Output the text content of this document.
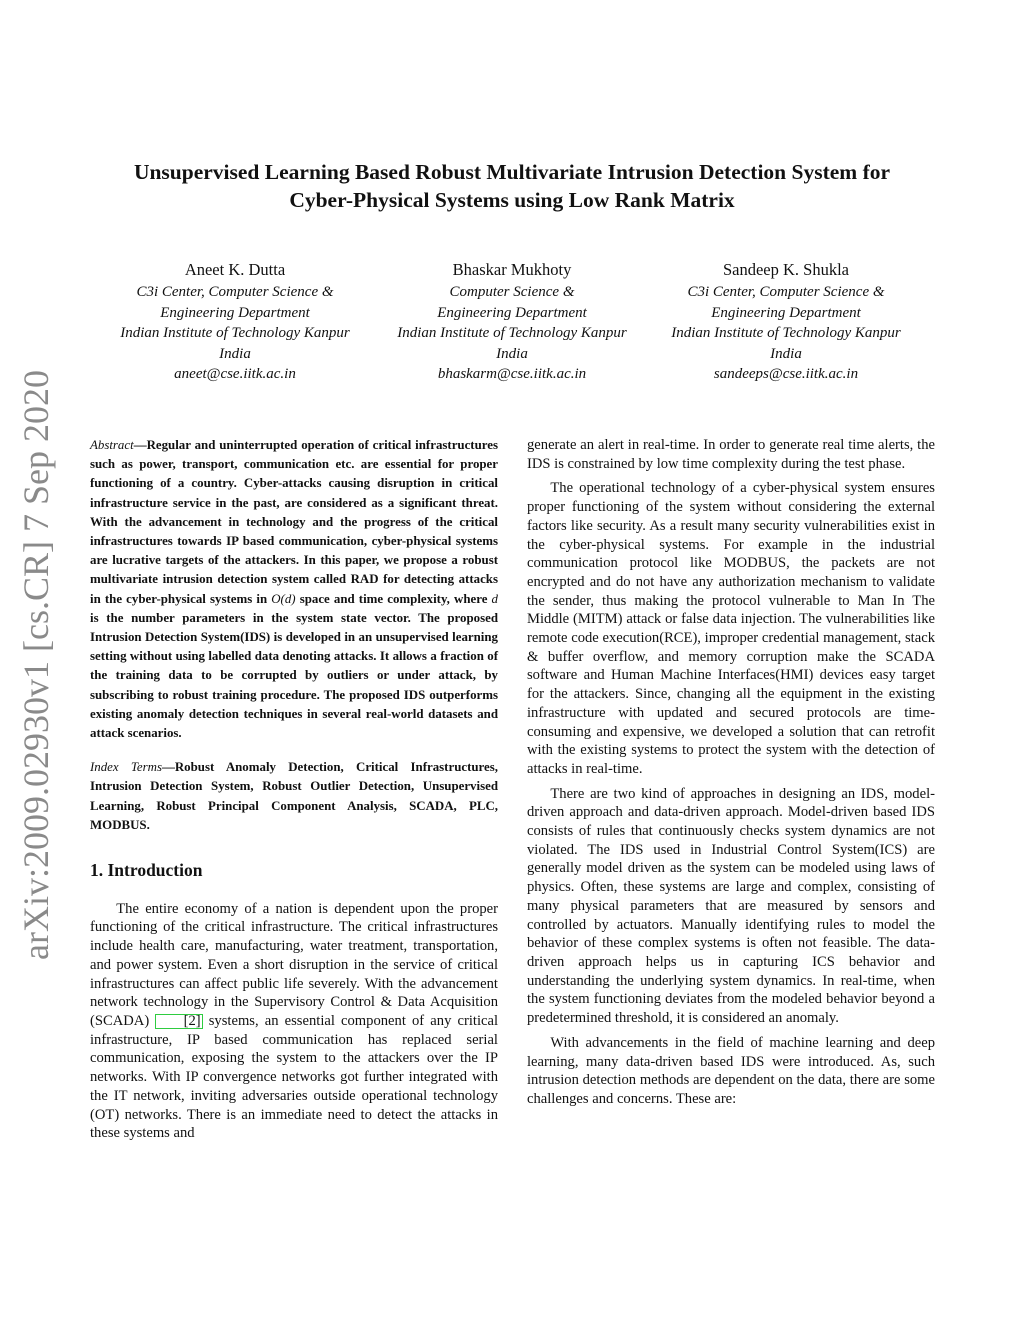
arXiv:2009.02930v1 [cs.CR] 7 Sep 2020
Unsupervised Learning Based Robust Multivariate Intrusion Detection System for
Cyber-Physical Systems using Low Rank Matrix
Aneet K. Dutta
C3i Center, Computer Science &
Engineering Department
Indian Institute of Technology Kanpur
India
aneet@cse.iitk.ac.in
Bhaskar Mukhoty
Computer Science &
Engineering Department
Indian Institute of Technology Kanpur
India
bhaskarm@cse.iitk.ac.in
Sandeep K. Shukla
C3i Center, Computer Science &
Engineering Department
Indian Institute of Technology Kanpur
India
sandeeps@cse.iitk.ac.in

Abstract—Regular and uninterrupted operation of critical infrastructures such as power, transport, communication etc. are essential for proper functioning of a country. Cyber-attacks causing disruption in critical infrastructure service in the past, are considered as a significant threat. With the advancement in technology and the progress of the critical infrastructures towards IP based communication, cyber-physical systems are lucrative targets of the attackers. In this paper, we propose a robust multivariate intrusion detection system called RAD for detecting attacks in the cyber-physical systems in O(d) space and time complexity, where d is the number parameters in the system state vector. The proposed Intrusion Detection System(IDS) is developed in an unsupervised learning setting without using labelled data denoting attacks. It allows a fraction of the training data to be corrupted by outliers or under attack, by subscribing to robust training procedure. The proposed IDS outperforms existing anomaly detection techniques in several real-world datasets and attack scenarios.

Index Terms—Robust Anomaly Detection, Critical Infrastructures, Intrusion Detection System, Robust Outlier Detection, Unsupervised Learning, Robust Principal Component Analysis, SCADA, PLC, MODBUS.

1. Introduction

The entire economy of a nation is dependent upon the proper functioning of the critical infrastructure. The critical infrastructures include health care, manufacturing, water treatment, transportation, and power system. Even a short disruption in the service of critical infrastructures can affect public life severely. With the advancement network technology in the Supervisory Control & Data Acquisition (SCADA) [2] systems, an essential component of any critical infrastructure, IP based communication has replaced serial communication, exposing the system to the attackers over the IP networks. With IP convergence networks got further integrated with the IT network, inviting adversaries outside operational technology (OT) networks. There is an immediate need to detect the attacks in these systems and

generate an alert in real-time. In order to generate real time alerts, the IDS is constrained by low time complexity during the test phase.

The operational technology of a cyber-physical system ensures proper functioning of the system without considering the external factors like security. As a result many security vulnerabilities exist in the cyber-physical systems. For example in the industrial communication protocol like MODBUS, the packets are not encrypted and do not have any authorization mechanism to validate the sender, thus making the protocol vulnerable to Man In The Middle (MITM) attack or false data injection. The vulnerabilities like remote code execution(RCE), improper credential management, stack & buffer overflow, and memory corruption make the SCADA software and Human Machine Interfaces(HMI) devices easy target for the attackers. Since, changing all the equipment in the existing infrastructure with updated and secured protocols are time-consuming and expensive, we developed a solution that can retrofit with the existing systems to protect the system with the detection of attacks in real-time.

There are two kind of approaches in designing an IDS, model-driven approach and data-driven approach. Model-driven based IDS consists of rules that continuously checks system dynamics are not violated. The IDS used in Industrial Control System(ICS) are generally model driven as the system can be modeled using laws of physics. Often, these systems are large and complex, consisting of many physical parameters that are measured by sensors and controlled by actuators. Manually identifying rules to model the behavior of these complex systems is often not feasible. The data-driven approach helps us in capturing ICS behavior and understanding the underlying system dynamics. In real-time, when the system functioning deviates from the modeled behavior beyond a predetermined threshold, it is considered an anomaly.

With advancements in the field of machine learning and deep learning, many data-driven based IDS were introduced. As, such intrusion detection methods are dependent on the data, there are some challenges and concerns. These are:
